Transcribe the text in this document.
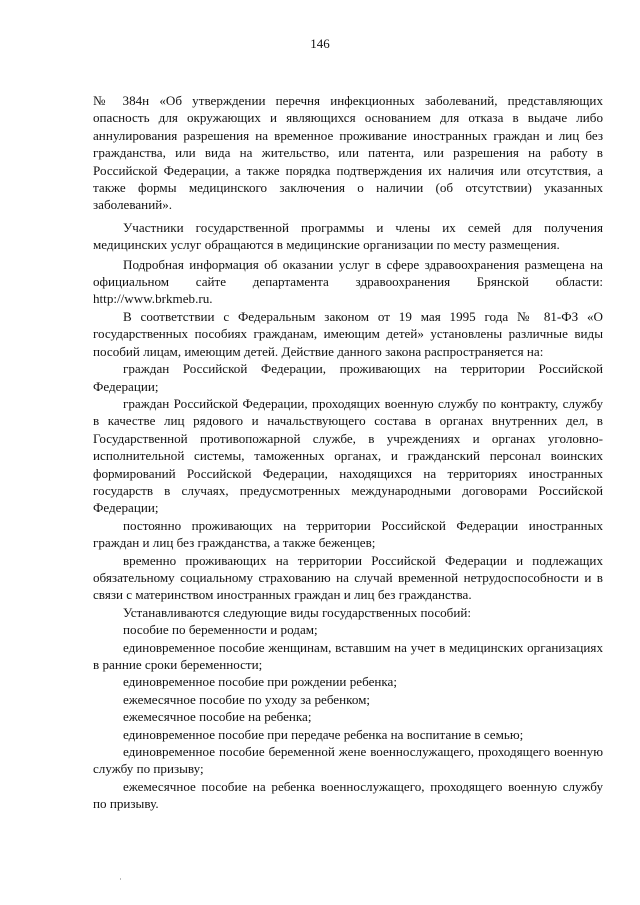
146

№ 384н «Об утверждении перечня инфекционных заболеваний, представляющих опасность для окружающих и являющихся основанием для отказа в выдаче либо аннулирования разрешения на временное проживание иностранных граждан и лиц без гражданства, или вида на жительство, или патента, или разрешения на работу в Российской Федерации, а также порядка подтверждения их наличия или отсутствия, а также формы медицинского заключения о наличии (об отсутствии) указанных заболеваний».

Участники государственной программы и члены их семей для получения медицинских услуг обращаются в медицинские организации по месту размещения.

Подробная информация об оказании услуг в сфере здравоохранения размещена на официальном сайте департамента здравоохранения Брянской области: http://www.brkmeb.ru.

В соответствии с Федеральным законом от 19 мая 1995 года № 81-ФЗ «О государственных пособиях гражданам, имеющим детей» установлены различные виды пособий лицам, имеющим детей. Действие данного закона распространяется на:

граждан Российской Федерации, проживающих на территории Российской Федерации;

граждан Российской Федерации, проходящих военную службу по контракту, службу в качестве лиц рядового и начальствующего состава в органах внутренних дел, в Государственной противопожарной службе, в учреждениях и органах уголовно-исполнительной системы, таможенных органах, и гражданский персонал воинских формирований Российской Федерации, находящихся на территориях иностранных государств в случаях, предусмотренных международными договорами Российской Федерации;

постоянно проживающих на территории Российской Федерации иностранных граждан и лиц без гражданства, а также беженцев;

временно проживающих на территории Российской Федерации и подлежащих обязательному социальному страхованию на случай временной нетрудоспособности и в связи с материнством иностранных граждан и лиц без гражданства.

Устанавливаются следующие виды государственных пособий:

пособие по беременности и родам;

единовременное пособие женщинам, вставшим на учет в медицинских организациях в ранние сроки беременности;

единовременное пособие при рождении ребенка;

ежемесячное пособие по уходу за ребенком;

ежемесячное пособие на ребенка;

единовременное пособие при передаче ребенка на воспитание в семью;

единовременное пособие беременной жене военнослужащего, проходящего военную службу по призыву;

ежемесячное пособие на ребенка военнослужащего, проходящего военную службу по призыву.
